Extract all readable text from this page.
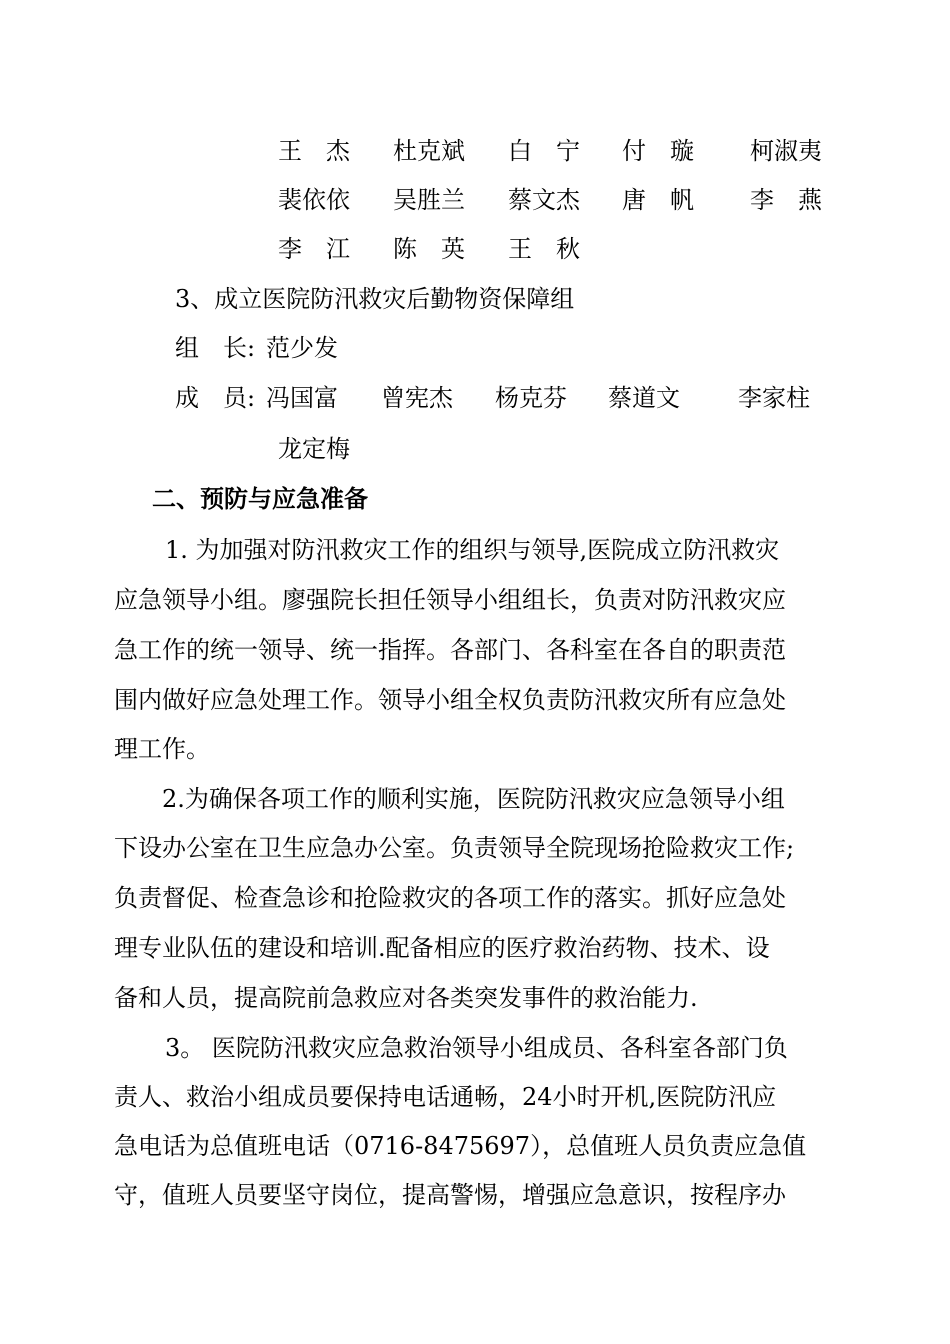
王　杰 杜克斌 白　宁 付　璇 柯淑夷
裴依依 吴胜兰 蔡文杰 唐　帆 李　燕
李　江 陈　英 王　秋
3、成立医院防汛救灾后勤物资保障组
组　长: 范少发
成　员: 冯国富 曾宪杰 杨克芬 蔡道文 李家柱
龙定梅
二、预防与应急准备
1. 为加强对防汛救灾工作的组织与领导,医院成立防汛救灾
应急领导小组。廖强院长担任领导小组组长，负责对防汛救灾应
急工作的统一领导、统一指挥。各部门、各科室在各自的职责范
围内做好应急处理工作。领导小组全权负责防汛救灾所有应急处
理工作。
2.为确保各项工作的顺利实施，医院防汛救灾应急领导小组
下设办公室在卫生应急办公室。负责领导全院现场抢险救灾工作;
负责督促、检查急诊和抢险救灾的各项工作的落实。抓好应急处
理专业队伍的建设和培训.配备相应的医疗救治药物、技术、设
备和人员，提高院前急救应对各类突发事件的救治能力.
3。 医院防汛救灾应急救治领导小组成员、各科室各部门负
责人、救治小组成员要保持电话通畅，24小时开机,医院防汛应
急电话为总值班电话（0716-8475697），总值班人员负责应急值
守，值班人员要坚守岗位，提高警惕，增强应急意识，按程序办
